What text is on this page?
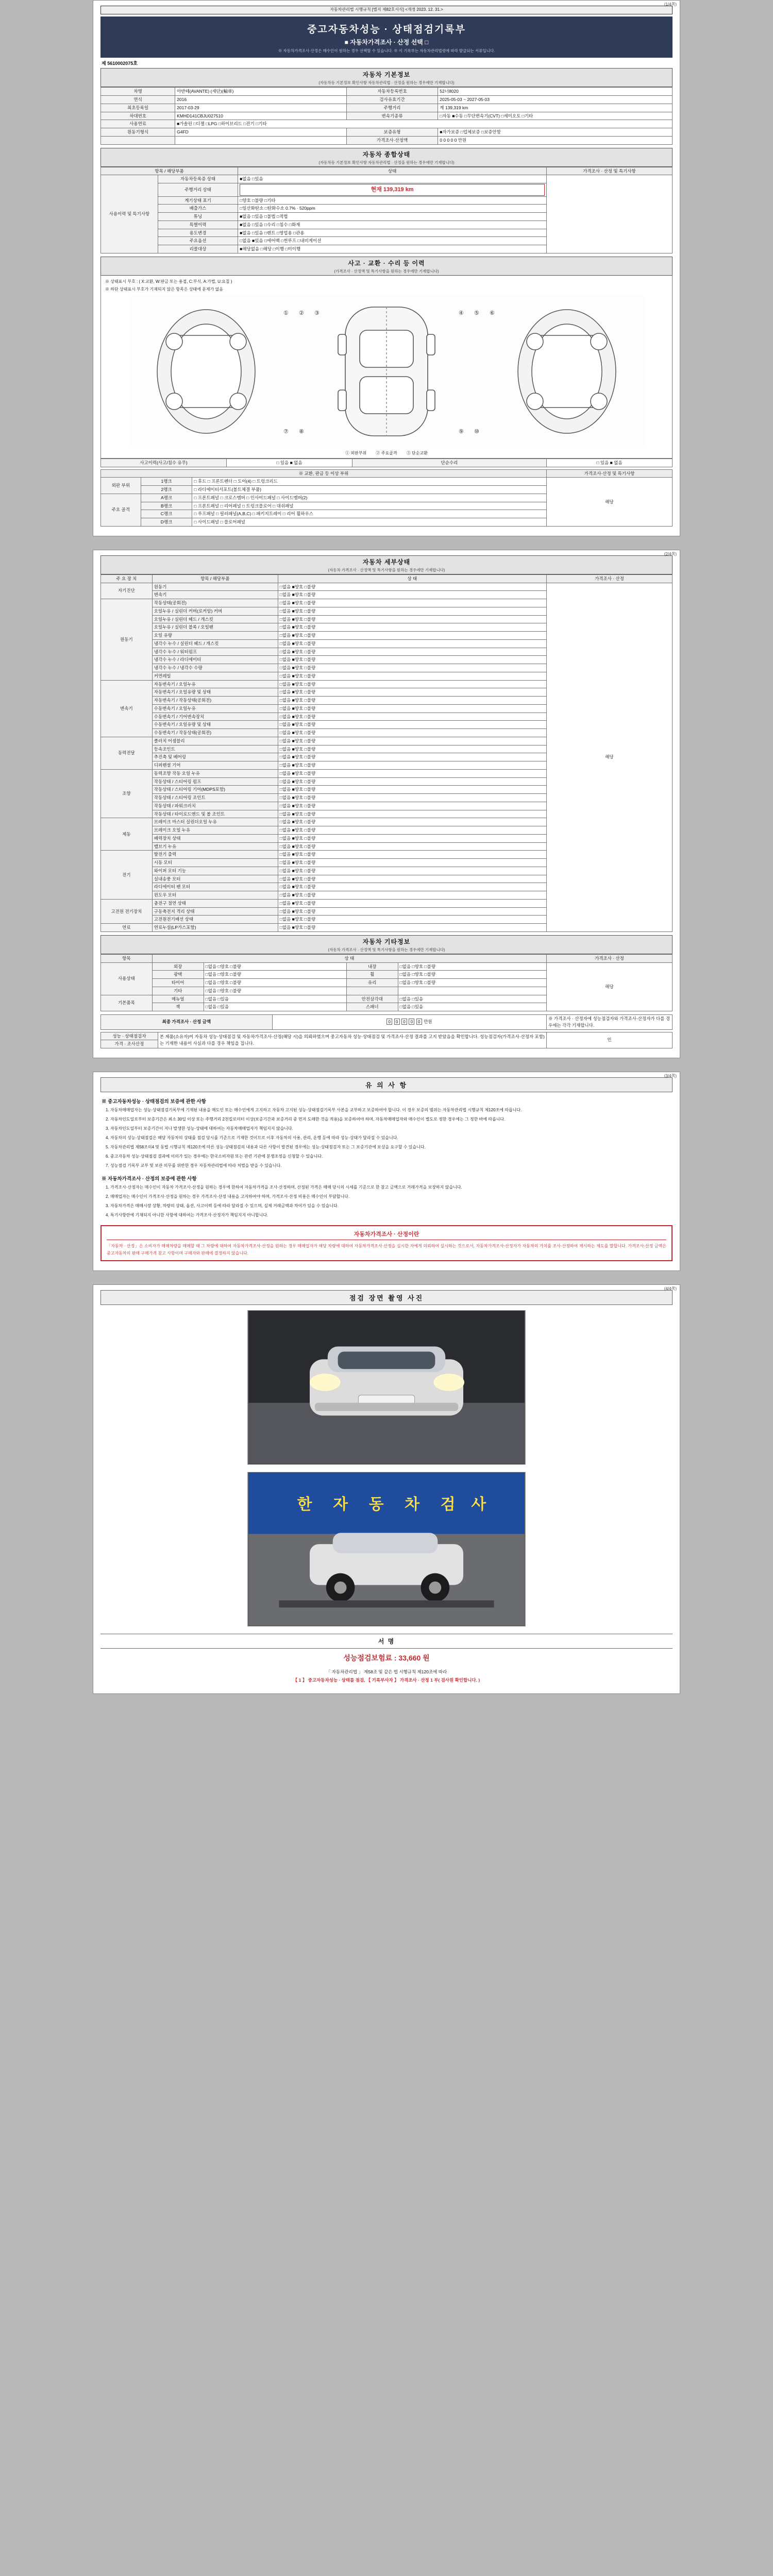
(1/4쪽)
자동차관리법 시행규칙 [별지 제82호서식] <개정 2023. 12. 31.>
중고자동차성능 · 상태점검기록부
■ 자동차가격조사 · 산정 선택 □
※ 자동차가격조사·산정은 매수인이 원하는 경우 선택할 수 있습니다. ※ 이 기록부는 자동차관리법령에 따라 발급되는 서류입니다.
제 5610002075호
자동차 기본정보
(자동차등 기본정보 확인사항 자동차관리법 · 산정을 원하는 경우에만 기재합니다)
차명	아반떼(AVANTE) (세단)(輪車)	자동차등록번호	52너8020
연식	2016	검사유효기간	2025-05-03 ~ 2027-05-03
최초등록일	2017-03-29	주행거리	계 139,319 km
차대번호	KMHD141CBJU027510	변속기종류	□자동 ■수동 □무단변속기(CVT) □세미오토 □기타
사용연료	■가솔린 □디젤 □LPG □하이브리드 □전기 □기타		
원동기형식	G4FD	보증유형	■자가보증 □업체보증 □보증안함
		가격조사·산정액	0 0 0 0 0 만원
자동차 종합상태
(자동차등 기본정보 확인사항 자동차관리법 · 산정을 원하는 경우에만 기재합니다)
항목 / 해당부품		상태	가격조사 · 산정 및 특기사항
사용이력 및 특기사항	자동차등록증 상태	■없음 □있음	
	주행거리 상태	현재 139,319 km	

	계기상태 표기	□양호 □불량 □기타	
	배출가스	□일산화탄소 □탄화수소 0.7% · 520ppm	
	튜닝	■없음 □있음 □불법 □적법	
	특별이력	■없음 □있음 □수리 □침수 □화재	
	용도변경	■없음 □있음 □렌트 □영업용 □관용	
	주요옵션	□없음 ■있음 □에어백 □썬루프 □내비게이션	
	리콜대상	■해당없음 □해당 □이행 □미이행	
사고 · 교환 · 수리 등 이력
(가격조사 · 산정액 및 특기사항을 원하는 경우에만 기재합니다)
※ 상태표시 부호 : ( X:교환, W:판금 또는 용접, C:부식, A:가법, U:요칠 )
※ 하단 상태표시 부호가 기재되지 않은 항목은 상태에 문제가 없음
① ② ③	④ ⑤ ⑥
⑦ ⑧	⑨ ⑩
① 외판부위 ② 주요골격 ③ 단순교환
사고이력(사고/침수 유무)	□ 있음 ■ 없음	단순수리	□ 있음 ■ 없음
※ 교환, 판금 등 이상 부위			가격조사·산정 및 특기사항
외판 부위	1랭크	□ 후드 □ 프론트펜더 □ 도어(4) □ 트렁크리드	해당
	2랭크	□ 라디에이터서포트(볼트체결 부품)	
주요 골격	A랭크	□ 프론트패널 □ 크로스멤버 □ 인사이드패널 □ 사이드멤버(2)	
	B랭크	□ 프론트패널 □ 리어패널 □ 트렁크플로어 □ 대쉬패널	
	C랭크	□ 루프패널 □ 필러패널(A,B,C) □ 패키지트레이 □ 리어 휠하우스	
	D랭크	□ 사이드패널 □ 플로어패널	
(2/4쪽)
자동차 세부상태
(자동차 가격조사 · 산정액 및 특기사항을 원하는 경우에만 기재합니다)
주 요 장 치	항목 / 해당부품	상 태	가격조사 · 산정
자기진단	원동기	□없음 ■양호 □불량	해당
	변속기	□없음 ■양호 □불량	
원동기	작동상태(공회전)	□없음 ■양호 □불량	
	오일누유 / 실린더 커버(로커암) 커버	□없음 ■양호 □불량	
	오일누유 / 실린더 헤드 / 개스킷	□없음 ■양호 □불량	
	오일누유 / 실린더 블록 / 오일팬	□없음 ■양호 □불량	
	오일 유량	□없음 ■양호 □불량	
	냉각수 누수 / 실린더 헤드 / 개스킷	□없음 ■양호 □불량	
	냉각수 누수 / 워터펌프	□없음 ■양호 □불량	
	냉각수 누수 / 라디에이터	□없음 ■양호 □불량	
	냉각수 누수 / 냉각수 수량	□없음 ■양호 □불량	
	커먼레일	□없음 ■양호 □불량	
변속기	자동변속기 / 오일누유	□없음 ■양호 □불량	
	자동변속기 / 오일유량 및 상태	□없음 ■양호 □불량	
	자동변속기 / 작동상태(공회전)	□없음 ■양호 □불량	
	수동변속기 / 오일누유	□없음 ■양호 □불량	
	수동변속기 / 기어변속장치	□없음 ■양호 □불량	
	수동변속기 / 오일유량 및 상태	□없음 ■양호 □불량	
	수동변속기 / 작동상태(공회전)	□없음 ■양호 □불량	
동력전달	클러치 어셈블리	□없음 ■양호 □불량	
	등속조인트	□없음 ■양호 □불량	
	추진축 및 베어링	□없음 ■양호 □불량	
	디퍼렌셜 기어	□없음 ■양호 □불량	
조향	동력조향 작동 오일 누유	□없음 ■양호 □불량	
	작동상태 / 스티어링 펌프	□없음 ■양호 □불량	
	작동상태 / 스티어링 기어(MDPS포함)	□없음 ■양호 □불량	
	작동상태 / 스티어링 조인트	□없음 ■양호 □불량	
	작동상태 / 파워크러치	□없음 ■양호 □불량	
	작동상태 / 타이로드엔드 및 볼 조인트	□없음 ■양호 □불량	
제동	브레이크 마스터 실린더오일 누유	□없음 ■양호 □불량	
	브레이크 오일 누유	□없음 ■양호 □불량	
	배력장치 상태	□없음 ■양호 □불량	
	밸브기 누유	□없음 ■양호 □불량	
전기	발전기 출력	□없음 ■양호 □불량	
	시동 모터	□없음 ■양호 □불량	
	와이퍼 모터 기능	□없음 ■양호 □불량	
	실내송풍 모터	□없음 ■양호 □불량	
	라디에이터 팬 모터	□없음 ■양호 □불량	
	윈도우 모터	□없음 ■양호 □불량	
고전원 전기장치	충전구 절연 상태	□없음 ■양호 □불량	
	구동축전지 격리 상태	□없음 ■양호 □불량	
	고전원전기배선 상태	□없음 ■양호 □불량	
연료	연료누설(LP가스포함)	□없음 ■양호 □불량	
자동차 기타정보
(자동차 가격조사 · 산정액 및 특기사항을 원하는 경우에만 기재합니다)
항목	상 태				가격조사 · 산정
사용상태	외장	□없음 □양호 □불량	내장	□없음 □양호 □불량	해당
	광택	□없음 □양호 □불량	휠	□없음 □양호 □불량	
	타이어	□없음 □양호 □불량	유리	□없음 □양호 □불량	
	기타	□없음 □양호 □불량			
기본품목	매뉴얼	□없음 □있음	안전삼각대	□없음 □있음	
	잭	□없음 □있음	스패너	□없음 □있음	
최종 가격조사 · 산정 금액	0 0 0 0 0 만원	※ 가격조사 · 산정자에 성능점검자와 가격조사·산정자가 다를 경우에는 각각 기재합니다.
성능 · 상태점검자	본 제품(소유자)이 자동차 성능·상태점검 및 자동차가격조사·산정(해당 시)을 의뢰하였으며 중고자동차 성능·상태점검 및 가격조사·산정 결과를 고지 받았음을 확인합니다. 성능점검자(가격조사·산정자 포함)는 기재한 내용이 사실과 다를 경우 책임을 집니다.	인
가격 · 조사산정
(3/4쪽)
유 의 사 항
※ 중고자동차성능 · 상태점검의 보증에 관한 사항
1. 자동차매매업자는 성능·상태점검기록부에 기재된 내용을 매도인 또는 매수인에게 고지하고 자동차 고지된 성능·상태점검기록부 사본을 교부하고 보증하여야 합니다. 이 경우 보증의 범위는 자동차관리법 시행규칙 제120조에 따릅니다.
2. 자동차인도일로부터 보증기간은 최소 30일 이상 또는 주행거리 2천킬로미터 이상(보증기간과 보증거리 중 먼저 도래한 것을 적용)을 보증하여야 하며, 자동차매매업자와 매수인이 별도로 정한 경우에는 그 정한 바에 따릅니다.
3. 자동차인도일부터 보증기간이 지나 발생한 성능·상태에 대하여는 자동차매매업자가 책임지지 않습니다.
4. 자동차의 성능·상태점검은 해당 자동차의 상태를 점검 당시를 기준으로 기재한 것이므로 이후 자동차의 사용, 관리, 운행 등에 따라 성능·상태가 달라질 수 있습니다.
5. 자동차관리법 제58조의4 및 동법 시행규칙 제120조에 따른 성능·상태점검의 내용과 다른 사항이 발견된 경우에는 성능·상태점검자 또는 그 보증기관에 보상을 요구할 수 있습니다.
6. 중고자동차 성능·상태점검 결과에 이의가 있는 경우에는 한국소비자원 또는 관련 기관에 분쟁조정을 신청할 수 있습니다.
7. 성능점검 기록부 교부 및 보관 의무를 위반한 경우 자동차관리법에 따라 처벌을 받을 수 있습니다.
※ 자동차가격조사 · 산정의 보증에 관한 사항
1. 가격조사·산정자는 매수인이 자동차 가격조사·산정을 원하는 경우에 한하여 자동차가격을 조사·산정하며, 산정된 가격은 매매 당시의 시세를 기준으로 한 참고 금액으로 거래가격을 보장하지 않습니다.
2. 매매업자는 매수인이 가격조사·산정을 원하는 경우 가격조사·산정 내용을 고지하여야 하며, 가격조사·산정 비용은 매수인이 부담합니다.
3. 자동차가격은 매매시장 상황, 차량의 상태, 옵션, 사고이력 등에 따라 달라질 수 있으며, 실제 거래금액과 차이가 있을 수 있습니다.
4. 특기사항란에 기재되지 아니한 사항에 대하여는 가격조사·산정자가 책임지지 아니합니다.
자동차가격조사 · 산정이란
「자동차 · 산정」은 소비자가 매매차량을 매매할 때 그 차량에 대하여 자동차가격조사·산정을 원하는 경우 매매업자가 해당 차량에 대하여 자동차가격조사·산정을 실시한 자에게 의뢰하여 실시하는 것으로서, 자동차가격조사·산정자가 자동차의 가치를 조사·산정하여 제시하는 제도를 말합니다. 가격조사·산정 금액은 중고자동차의 판매 구매가격 참고 사항이며 구매자와 판매에 결정하지 않습니다.
(4/4쪽)
점검 장면 촬영 사진
한 자 동 차 검 사
서 명
성능점검보험료 : 33,660 원
「 자동차관리법 」 제58조 및 같은 법 시행규칙 제120조에 따라
【 1 】 중고자동차성능 · 상태를 점검, 【 기록부사자 】 가격조사 · 산정 1 부( 검사원 확인합니다. )
